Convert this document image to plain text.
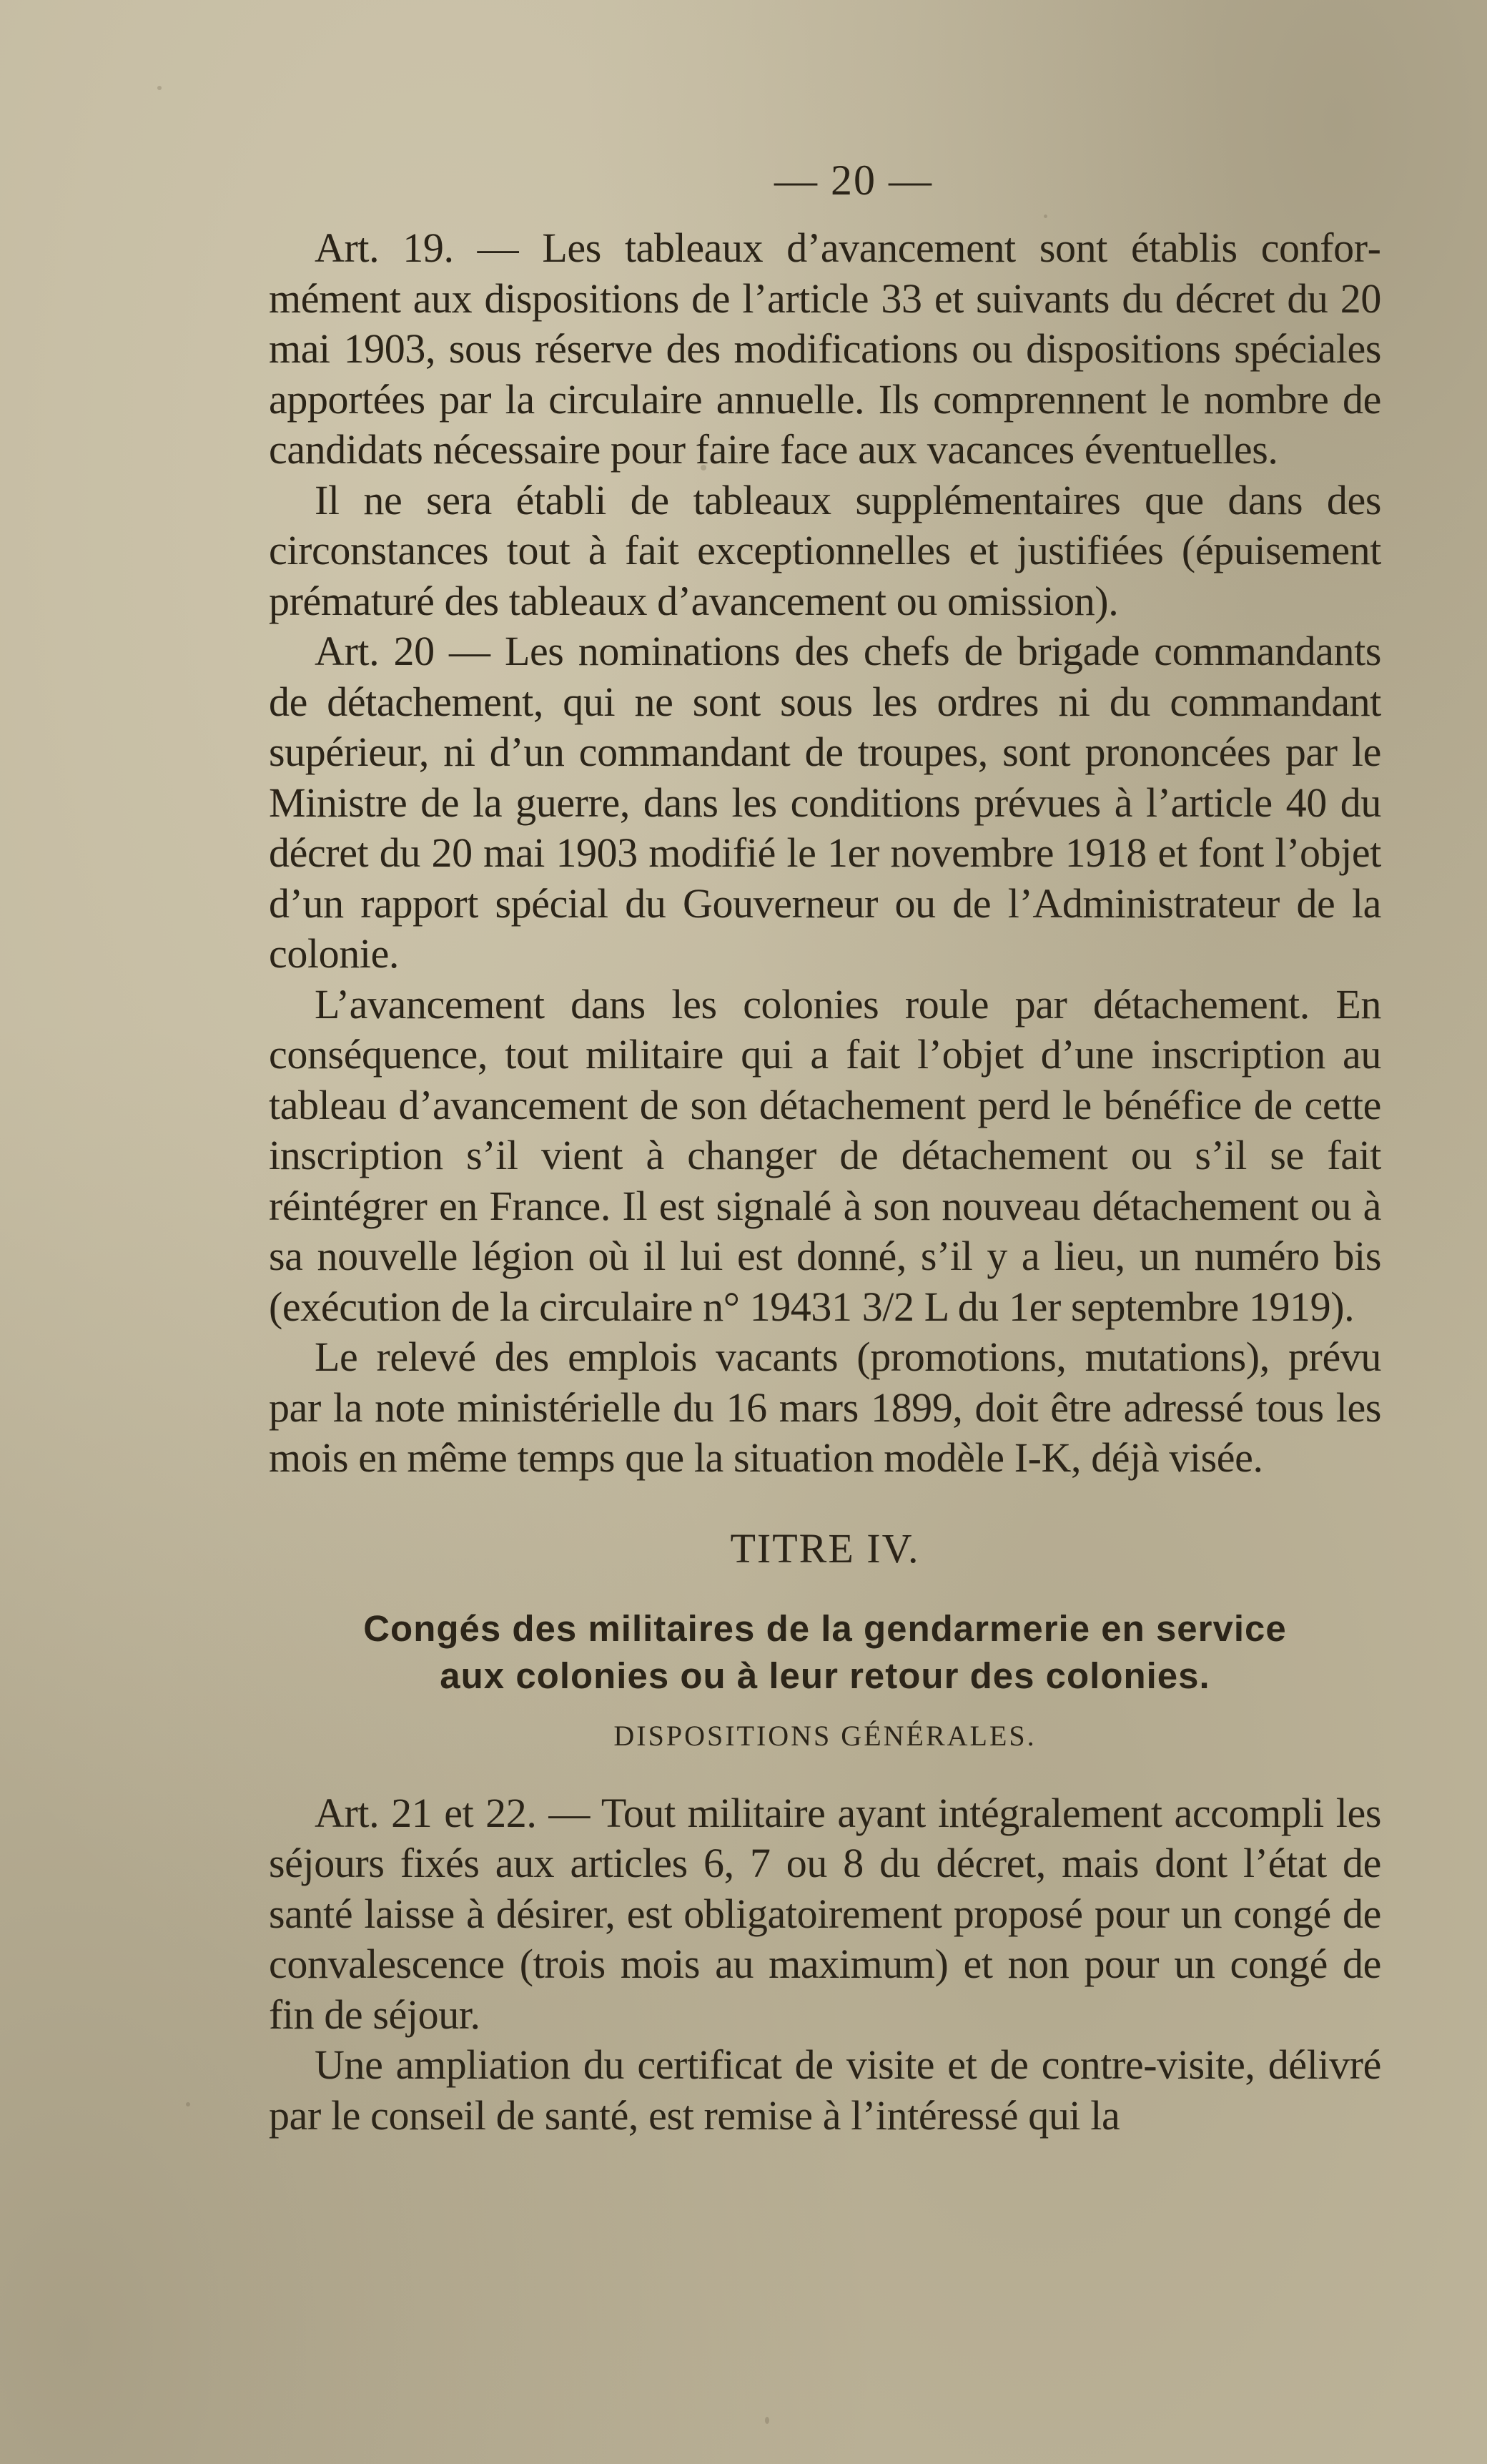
— 20 —

Art. 19. — Les tableaux d’avancement sont établis conformément aux dispositions de l’article 33 et suivants du décret du 20 mai 1903, sous réserve des modifications ou dispositions spéciales apportées par la circulaire annuelle. Ils comprennent le nombre de candidats nécessaire pour faire face aux vacances éventuelles.

Il ne sera établi de tableaux supplémentaires que dans des circonstances tout à fait exceptionnelles et justifiées (épuisement prématuré des tableaux d’avancement ou omission).

Art. 20 — Les nominations des chefs de brigade commandants de détachement, qui ne sont sous les ordres ni du commandant supérieur, ni d’un commandant de troupes, sont prononcées par le Ministre de la guerre, dans les conditions prévues à l’article 40 du décret du 20 mai 1903 modifié le 1er novembre 1918 et font l’objet d’un rapport spécial du Gouverneur ou de l’Administrateur de la colonie.

L’avancement dans les colonies roule par détachement. En conséquence, tout militaire qui a fait l’objet d’une inscription au tableau d’avancement de son détachement perd le bénéfice de cette inscription s’il vient à changer de détachement ou s’il se fait réintégrer en France. Il est signalé à son nouveau détachement ou à sa nouvelle légion où il lui est donné, s’il y a lieu, un numéro bis (exécution de la circulaire n° 19431 3/2 L du 1er septembre 1919).

Le relevé des emplois vacants (promotions, mutations), prévu par la note ministérielle du 16 mars 1899, doit être adressé tous les mois en même temps que la situation modèle I-K, déjà visée.

TITRE IV.
Congés des militaires de la gendarmerie en service
aux colonies ou à leur retour des colonies.
DISPOSITIONS GÉNÉRALES.

Art. 21 et 22. — Tout militaire ayant intégralement accompli les séjours fixés aux articles 6, 7 ou 8 du décret, mais dont l’état de santé laisse à désirer, est obligatoirement proposé pour un congé de convalescence (trois mois au maximum) et non pour un congé de fin de séjour.

Une ampliation du certificat de visite et de contre-visite, délivré par le conseil de santé, est remise à l’intéressé qui la
